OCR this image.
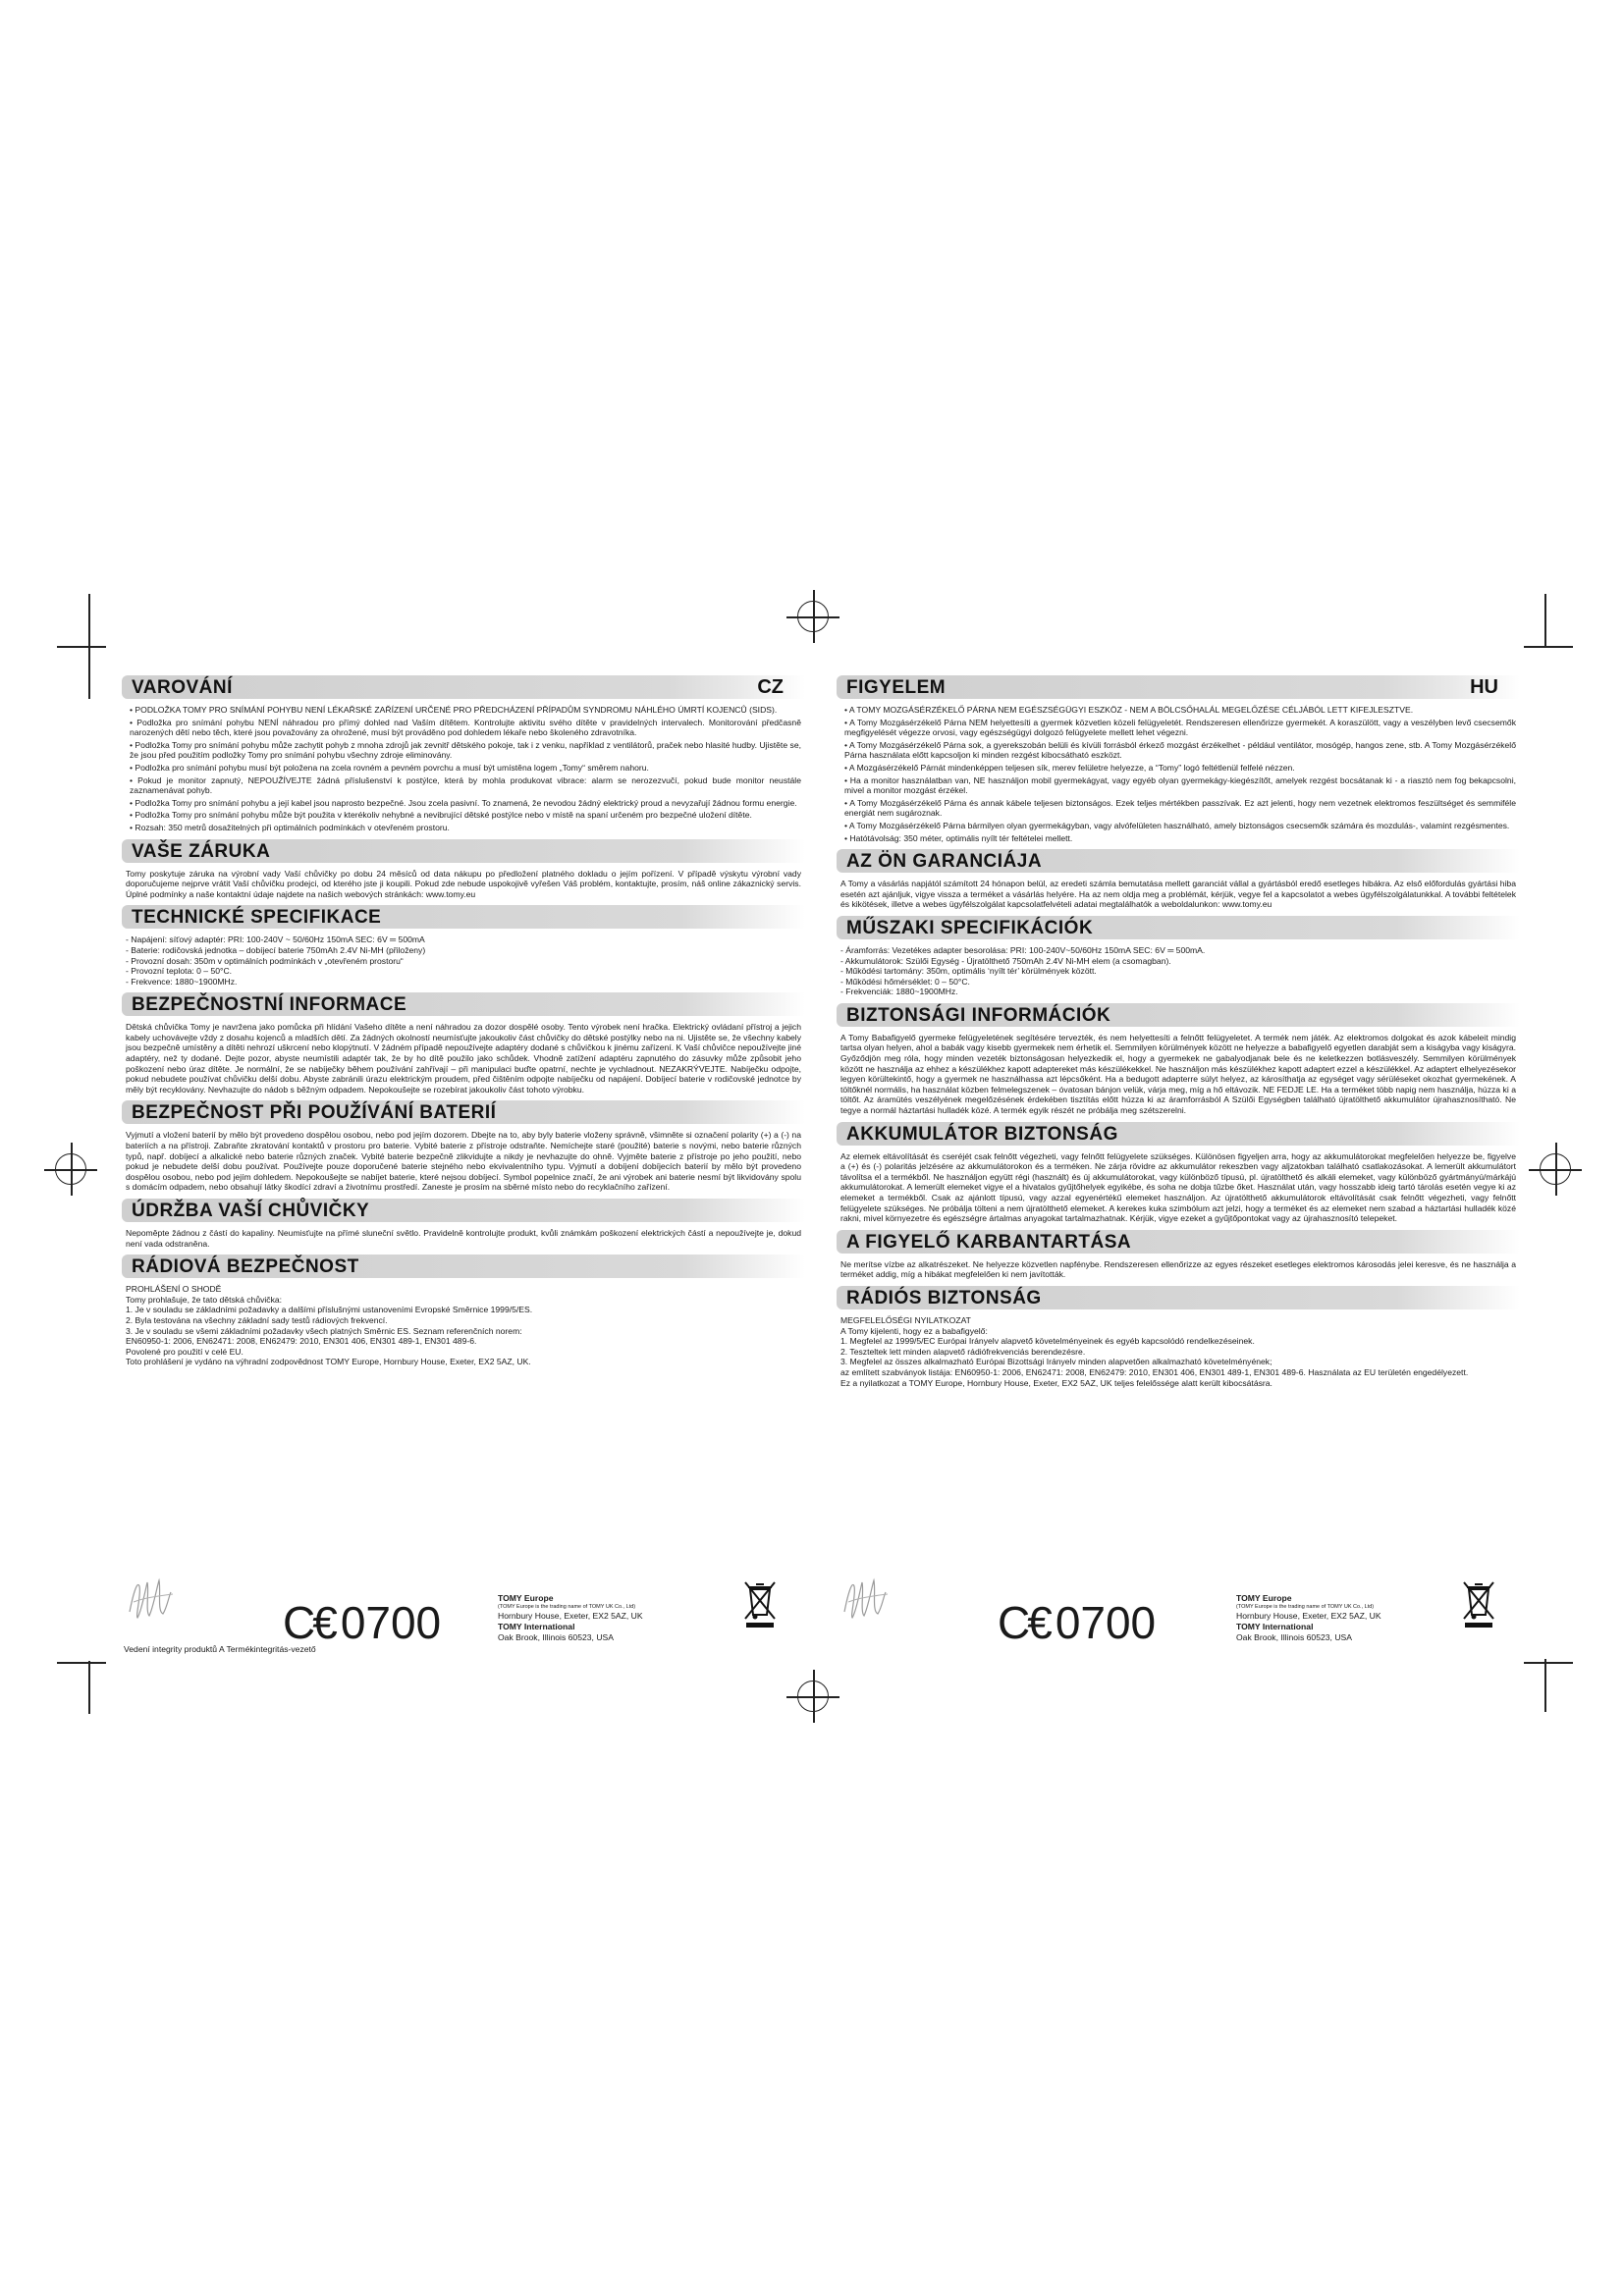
VAROVÁNÍ	CZ

• PODLOŽKA TOMY PRO SNÍMÁNÍ POHYBU NENÍ LÉKAŘSKÉ ZAŘÍZENÍ URČENÉ PRO PŘEDCHÁZENÍ PŘÍPADŮM SYNDROMU NÁHLÉHO ÚMRTÍ KOJENCŮ (SIDS).

• Podložka pro snímání pohybu NENÍ náhradou pro přímý dohled nad Vaším dítětem. Kontrolujte aktivitu svého dítěte v pravidelných intervalech. Monitorování předčasně narozených dětí nebo těch, které jsou považovány za ohrožené, musí být prováděno pod dohledem lékaře nebo školeného zdravotníka.

• Podložka Tomy pro snímání pohybu může zachytit pohyb z mnoha zdrojů jak zevnitř dětského pokoje, tak i z venku, například z ventilátorů, praček nebo hlasité hudby. Ujistěte se, že jsou před použitím podložky Tomy pro snímání pohybu všechny zdroje eliminovány.

• Podložka pro snímání pohybu musí být položena na zcela rovném a pevném povrchu a musí být umístěna logem „Tomy“ směrem nahoru.

• Pokud je monitor zapnutý, NEPOUŽÍVEJTE žádná příslušenství k postýlce, která by mohla produkovat vibrace: alarm se nerozezvučí, pokud bude monitor neustále zaznamenávat pohyb.

• Podložka Tomy pro snímání pohybu a její kabel jsou naprosto bezpečné. Jsou zcela pasivní. To znamená, že nevodou žádný elektrický proud a nevyzařují žádnou formu energie.

• Podložka Tomy pro snímání pohybu může být použita v kterékoliv nehybné a nevibrující dětské postýlce nebo v místě na spaní určeném pro bezpečné uložení dítěte.

• Rozsah: 350 metrů dosažitelných při optimálních podmínkách v otevřeném prostoru.

VAŠE ZÁRUKA

Tomy poskytuje záruka na výrobní vady Vaší chůvičky po dobu 24 měsíců od data nákupu po předložení platného dokladu o jejím pořízení. V případě výskytu výrobní vady doporučujeme nejprve vrátit Vaší chůvičku prodejci, od kterého jste ji koupili. Pokud zde nebude uspokojivě vyřešen Váš problém, kontaktujte, prosím, náš online zákaznický servis. Úplné podmínky a naše kontaktní údaje najdete na našich webových stránkách: www.tomy.eu

TECHNICKÉ SPECIFIKACE

- Napájení: síťový adaptér: PRI: 100-240V ~ 50/60Hz 150mA SEC: 6V ═ 500mA

- Baterie: rodičovská jednotka – dobíjecí baterie 750mAh 2.4V Ni-MH (přiloženy)

- Provozní dosah: 350m v optimálních podmínkách v „otevřeném prostoru“

- Provozní teplota: 0 – 50°C.

- Frekvence: 1880~1900MHz.

BEZPEČNOSTNÍ INFORMACE

Dětská chůvička Tomy je navržena jako pomůcka při hlídání Vašeho dítěte a není náhradou za dozor dospělé osoby. Tento výrobek není hračka. Elektrický ovládaní přístroj a jejich kabely uchovávejte vždy z dosahu kojenců a mladších dětí. Za žádných okolností neumísťujte jakoukoliv část chůvičky do dětské postýlky nebo na ni. Ujistěte se, že všechny kabely jsou bezpečně umístěny a dítěti nehrozí uškrcení nebo klopýtnutí. V žádném případě nepoužívejte adaptéry dodané s chůvičkou k jinému zařízení. K Vaší chůvičce nepoužívejte jiné adaptéry, než ty dodané. Dejte pozor, abyste neumístili adaptér tak, že by ho dítě použilo jako schůdek. Vhodně zatížení adaptéru zapnutého do zásuvky může způsobit jeho poškození nebo úraz dítěte. Je normální, že se nabíječky během používání zahřívají – při manipulaci buďte opatrní, nechte je vychladnout. NEZAKRÝVEJTE. Nabíječku odpojte, pokud nebudete používat chůvičku delší dobu. Abyste zabránili úrazu elektrickým proudem, před čištěním odpojte nabíječku od napájení. Dobíjecí baterie v rodičovské jednotce by měly být recyklovány. Nevhazujte do nádob s běžným odpadem. Nepokoušejte se rozebírat jakoukoliv část tohoto výrobku.

BEZPEČNOST PŘI POUŽÍVÁNÍ BATERIÍ

Vyjmutí a vložení baterií by mělo být provedeno dospělou osobou, nebo pod jejím dozorem. Dbejte na to, aby byly baterie vloženy správně, všimněte si označení polarity (+) a (-) na bateriích a na přístroji. Zabraňte zkratování kontaktů v prostoru pro baterie. Vybité baterie z přístroje odstraňte. Nemíchejte staré (použité) baterie s novými, nebo baterie různých typů, např. dobíjecí a alkalické nebo baterie různých značek. Vybité baterie bezpečně zlikvidujte a nikdy je nevhazujte do ohně. Vyjměte baterie z přístroje po jeho použití, nebo pokud je nebudete delší dobu používat. Používejte pouze doporučené baterie stejného nebo ekvivalentního typu. Vyjmutí a dobíjení dobíjecích baterií by mělo být provedeno dospělou osobou, nebo pod jejím dohledem. Nepokoušejte se nabíjet baterie, které nejsou dobíjecí. Symbol popelnice značí, že ani výrobek ani baterie nesmí být likvidovány spolu s domácím odpadem, nebo obsahují látky škodící zdraví a životnímu prostředí. Zaneste je prosím na sběrné místo nebo do recyklačního zařízení.

ÚDRŽBA VAŠÍ CHŮVIČKY

Nepoměpte žádnou z částí do kapaliny. Neumisťujte na přímé sluneční světlo. Pravidelně kontrolujte produkt, kvůli známkám poškození elektrických částí a nepoužívejte je, dokud není vada odstraněna.

RÁDIOVÁ BEZPEČNOST

PROHLÁŠENÍ O SHODĚ

Tomy prohlašuje, že tato dětská chůvička:

1. Je v souladu se základními požadavky a dalšími příslušnými ustanoveními Evropské Směrnice 1999/5/ES.

2. Byla testována na všechny základní sady testů rádiových frekvencí.

3. Je v souladu se všemi základními požadavky všech platných Směrnic ES. Seznam referenčních norem:

EN60950-1: 2006, EN62471: 2008, EN62479: 2010, EN301 406, EN301 489-1, EN301 489-6.

Povolené pro použití v celé EU.

Toto prohlášení je vydáno na výhradní zodpovědnost TOMY Europe, Hornbury House, Exeter, EX2 5AZ, UK.

FIGYELEM	HU

• A TOMY MOZGÁSÉRZÉKELŐ PÁRNA NEM EGÉSZSÉGÜGYI ESZKÖZ - NEM A BÖLCSŐHALÁL MEGELŐZÉSE CÉLJÁBÓL LETT KIFEJLESZTVE.

• A Tomy Mozgásérzékelő Párna NEM helyettesíti a gyermek közvetlen közeli felügyeletét. Rendszeresen ellenőrizze gyermekét. A koraszülött, vagy a veszélyben levő csecsemők megfigyelését végezze orvosi, vagy egészségügyi dolgozó felügyelete mellett lehet végezni.

• A Tomy Mozgásérzékelő Párna sok, a gyerekszobán belüli és kívüli forrásból érkező mozgást érzékelhet - például ventilátor, mosógép, hangos zene, stb. A Tomy Mozgásérzékelő Párna használata előtt kapcsoljon ki minden rezgést kibocsátható eszközt.

• A Mozgásérzékelő Párnát mindenképpen teljesen sík, merev felületre helyezze, a “Tomy” logó feltétlenül felfelé nézzen.

• Ha a monitor használatban van, NE használjon mobil gyermekágyat, vagy egyéb olyan gyermekágy-kiegészítőt, amelyek rezgést bocsátanak ki - a riasztó nem fog bekapcsolni, mivel a monitor mozgást érzékel.

• A Tomy Mozgásérzékelő Párna és annak kábele teljesen biztonságos. Ezek teljes mértékben passzívak. Ez azt jelenti, hogy nem vezetnek elektromos feszültséget és semmiféle energiát nem sugároznak.

• A Tomy Mozgásérzékelő Párna bármilyen olyan gyermekágyban, vagy alvófelületen használható, amely biztonságos csecsemők számára és mozdulás-, valamint rezgésmentes.

• Hatótávolság: 350 méter, optimális nyílt tér feltételei mellett.

AZ ÖN GARANCIÁJA

A Tomy a vásárlás napjától számított 24 hónapon belül, az eredeti számla bemutatása mellett garanciát vállal a gyártásból eredő esetleges hibákra. Az első előfordulás gyártási hiba esetén azt ajánljuk, vigye vissza a terméket a vásárlás helyére. Ha az nem oldja meg a problémát, kérjük, vegye fel a kapcsolatot a webes ügyfélszolgálatunkkal. A további feltételek és kikötések, illetve a webes ügyfélszolgálat kapcsolatfelvételi adatai megtalálhatók a weboldalunkon: www.tomy.eu

MŰSZAKI SPECIFIKÁCIÓK

- Áramforrás: Vezetékes adapter besorolása: PRI: 100-240V~50/60Hz 150mA SEC: 6V ═ 500mA.

- Akkumulátorok: Szülői Egység - Újratölthető 750mAh 2.4V Ni-MH elem (a csomagban).

- Működési tartomány: 350m, optimális ‘nyílt tér’ körülmények között.

- Működési hőmérséklet: 0 – 50°C.

- Frekvenciák: 1880~1900MHz.

BIZTONSÁGI INFORMÁCIÓK

A Tomy Babafigyelő gyermeke felügyeletének segítésére tervezték, és nem helyettesíti a felnőtt felügyeletet. A termék nem játék. Az elektromos dolgokat és azok kábeleit mindig tartsa olyan helyen, ahol a babák vagy kisebb gyermekek nem érhetik el. Semmilyen körülmények között ne helyezze a babafigyelő egyetlen darabját sem a kiságyba vagy kiságyra. Győződjön meg róla, hogy minden vezeték biztonságosan helyezkedik el, hogy a gyermekek ne gabalyodjanak bele és ne keletkezzen botlásveszély. Semmilyen körülmények között ne használja az ehhez a készülékhez kapott adaptereket más készülékekkel. Ne használjon más készülékhez kapott adaptert ezzel a készülékkel. Az adaptert elhelyezésekor legyen körültekintő, hogy a gyermek ne használhassa azt lépcsőként. Ha a bedugott adapterre súlyt helyez, az károsíthatja az egységet vagy sérüléseket okozhat gyermekének. A töltőknél normális, ha használat közben felmelegszenek – óvatosan bánjon velük, várja meg, míg a hő eltávozik. NE FEDJE LE. Ha a terméket több napig nem használja, húzza ki a töltőt. Az áramütés veszélyének megelőzésének érdekében tisztítás előtt húzza ki az áramforrásból A Szülői Egységben található újratölthető akkumulátor újrahasznosítható. Ne tegye a normál háztartási hulladék közé. A termék egyik részét ne próbálja meg szétszerelni.

AKKUMULÁTOR BIZTONSÁG

Az elemek eltávolítását és cseréjét csak felnőtt végezheti, vagy felnőtt felügyelete szükséges. Különösen figyeljen arra, hogy az akkumulátorokat megfelelően helyezze be, figyelve a (+) és (-) polaritás jelzésére az akkumulátorokon és a terméken. Ne zárja rövidre az akkumulátor rekeszben vagy aljzatokban található csatlakozásokat. A lemerült akkumulátort távolítsa el a termékből. Ne használjon együtt régi (használt) és új akkumulátorokat, vagy különböző típusú, pl. újratölthető és alkáli elemeket, vagy különböző gyártmányú/márkájú akkumulátorokat. A lemerült elemeket vigye el a hivatalos gyűjtőhelyek egyikébe, és soha ne dobja tűzbe őket. Használat után, vagy hosszabb ideig tartó tárolás esetén vegye ki az elemeket a termékből. Csak az ajánlott típusú, vagy azzal egyenértékű elemeket használjon. Az újratölthető akkumulátorok eltávolítását csak felnőtt végezheti, vagy felnőtt felügyelete szükséges. Ne próbálja tölteni a nem újratölthető elemeket. A kerekes kuka szimbólum azt jelzi, hogy a terméket és az elemeket nem szabad a háztartási hulladék közé rakni, mivel környezetre és egészségre ártalmas anyagokat tartalmazhatnak. Kérjük, vigye ezeket a gyűjtőpontokat vagy az újrahasznosító telepeket.

A FIGYELŐ KARBANTARTÁSA

Ne merítse vízbe az alkatrészeket. Ne helyezze közvetlen napfénybe. Rendszeresen ellenőrizze az egyes részeket esetleges elektromos károsodás jelei keresve, és ne használja a terméket addig, míg a hibákat megfelelően ki nem javították.

RÁDIÓS BIZTONSÁG

MEGFELELŐSÉGI NYILATKOZAT

A Tomy kijelenti, hogy ez a babafigyelő:

1. Megfelel az 1999/5/EC Európai Irányelv alapvető követelményeinek és egyéb kapcsolódó rendelkezéseinek.

2. Teszteltek lett minden alapvető rádiófrekvenciás berendezésre.

3. Megfelel az összes alkalmazható Európai Bizottsági Irányelv minden alapvetően alkalmazható követelményének;

az említett szabványok listája: EN60950-1: 2006, EN62471: 2008, EN62479: 2010, EN301 406, EN301 489-1, EN301 489-6. Használata az EU területén engedélyezett.

Ez a nyilatkozat a TOMY Europe, Hornbury House, Exeter, EX2 5AZ, UK teljes felelőssége alatt került kibocsátásra.

Vedení integrity produktů A Termékintegritás-vezető
C€ 0700	TOMY Europe
(TOMY Europe is the trading name of TOMY UK Co., Ltd)
Hornbury House, Exeter, EX2 5AZ, UK
TOMY International
Oak Brook, Illinois 60523, USA	C€ 0700	TOMY Europe
(TOMY Europe is the trading name of TOMY UK Co., Ltd)
Hornbury House, Exeter, EX2 5AZ, UK
TOMY International
Oak Brook, Illinois 60523, USA
